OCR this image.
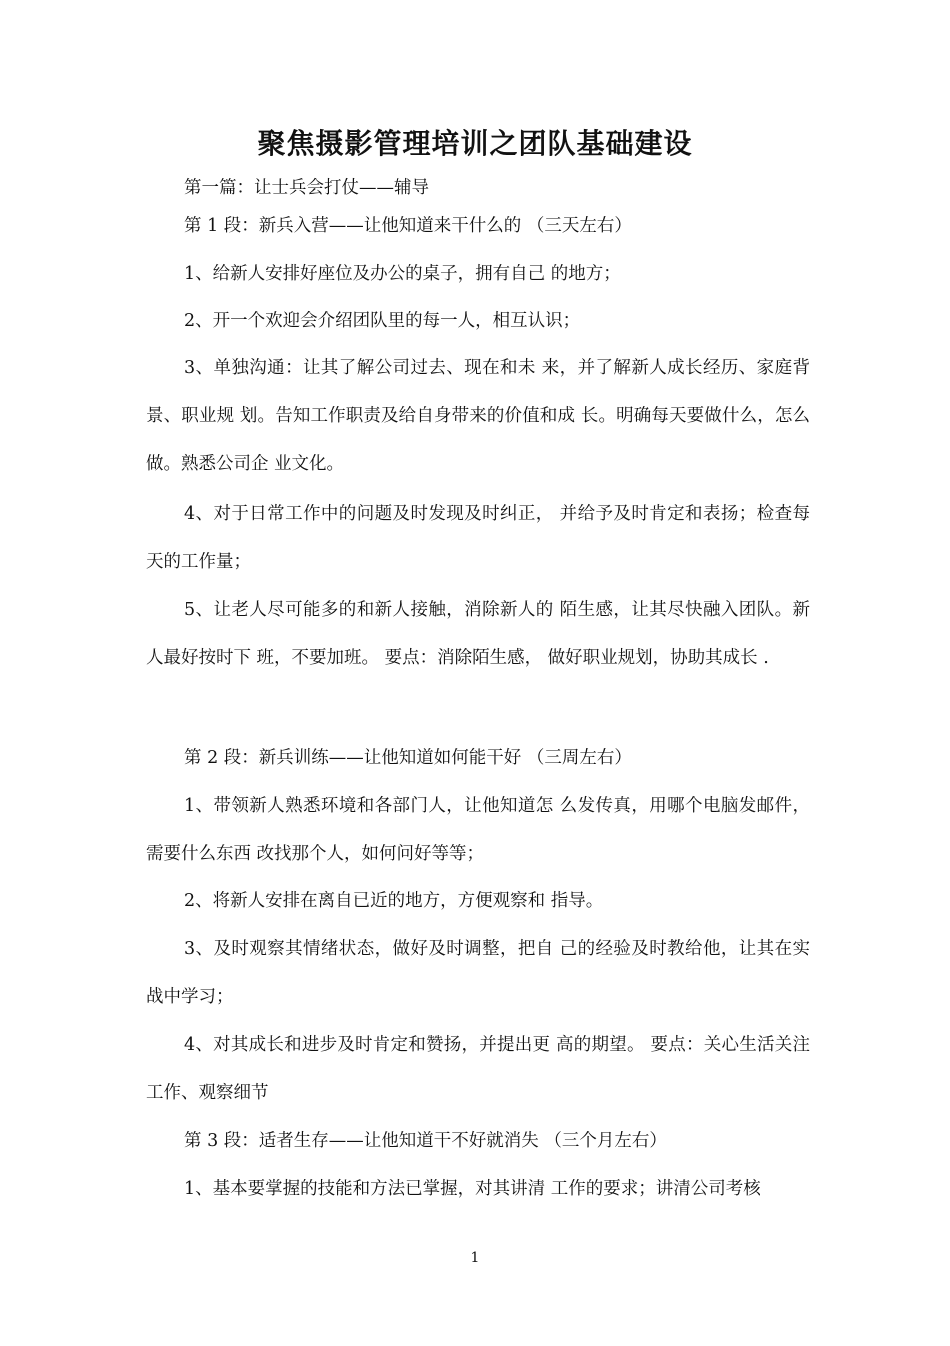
聚焦摄影管理培训之团队基础建设

第一篇：让士兵会打仗——辅导

第 1 段：新兵入营——让他知道来干什么的 （三天左右）

1、给新人安排好座位及办公的桌子，拥有自己 的地方；

2、开一个欢迎会介绍团队里的每一人，相互认识；

3、单独沟通：让其了解公司过去、现在和未 来，并了解新人成长经历、家庭背景、职业规 划。告知工作职责及给自身带来的价值和成 长。明确每天要做什么，怎么做。熟悉公司企 业文化。

4、对于日常工作中的问题及时发现及时纠正， 并给予及时肯定和表扬；检查每天的工作量；

5、让老人尽可能多的和新人接触，消除新人的 陌生感，让其尽快融入团队。新人最好按时下 班，不要加班。 要点：消除陌生感， 做好职业规划，协助其成长 .

第 2 段：新兵训练——让他知道如何能干好 （三周左右）

1、带领新人熟悉环境和各部门人，让他知道怎 么发传真，用哪个电脑发邮件，需要什么东西 改找那个人，如何问好等等；

2、将新人安排在离自已近的地方，方便观察和 指导。

3、及时观察其情绪状态，做好及时调整，把自 己的经验及时教给他，让其在实战中学习；

4、对其成长和进步及时肯定和赞扬，并提出更 高的期望。 要点：关心生活关注工作、观察细节

第 3 段：适者生存——让他知道干不好就消失 （三个月左右）

1、基本要掌握的技能和方法已掌握，对其讲清 工作的要求；讲清公司考核

1
